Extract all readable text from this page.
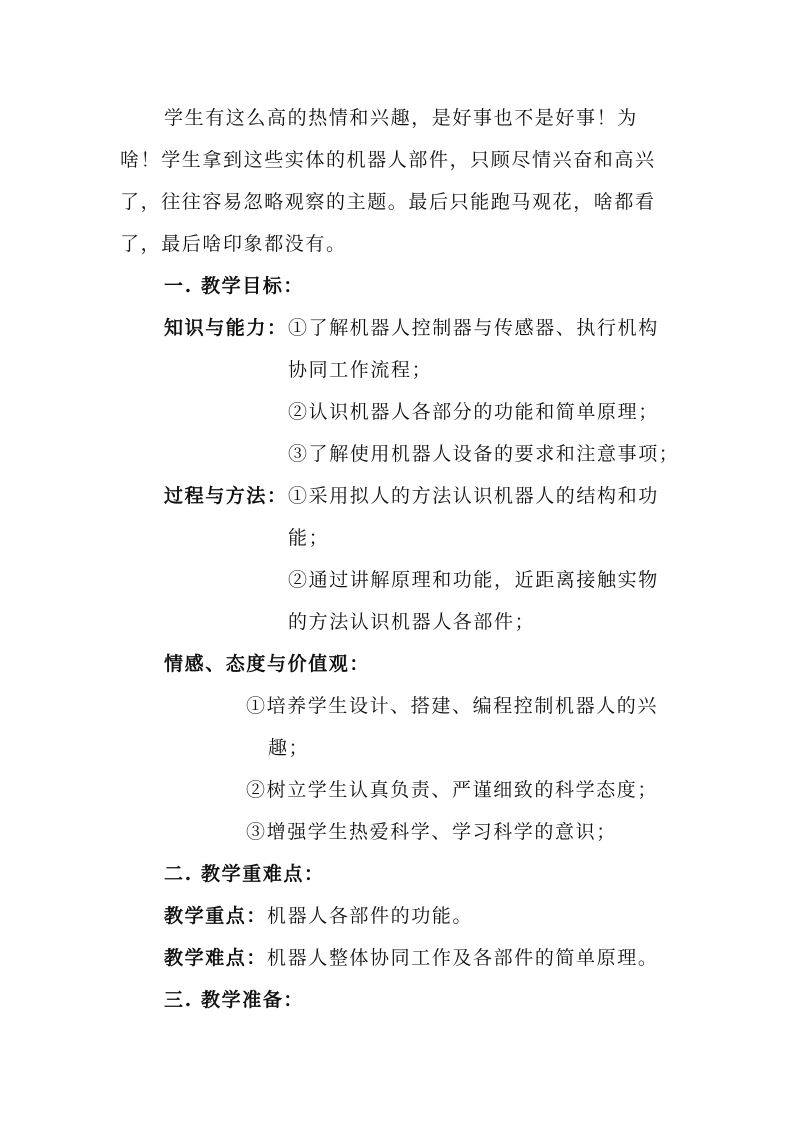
学生有这么高的热情和兴趣，是好事也不是好事！为
啥！学生拿到这些实体的机器人部件，只顾尽情兴奋和高兴
了，往往容易忽略观察的主题。最后只能跑马观花，啥都看
了，最后啥印象都没有。
一. 教学目标：
知识与能力： ①了解机器人控制器与传感器、执行机构
协同工作流程；
②认识机器人各部分的功能和简单原理；
③了解使用机器人设备的要求和注意事项；
过程与方法： ①采用拟人的方法认识机器人的结构和功
能；
②通过讲解原理和功能，近距离接触实物
的方法认识机器人各部件；
情感、态度与价值观：
①培养学生设计、搭建、编程控制机器人的兴
趣；
②树立学生认真负责、严谨细致的科学态度；
③增强学生热爱科学、学习科学的意识；
二. 教学重难点：
教学重点：机器人各部件的功能。
教学难点：机器人整体协同工作及各部件的简单原理。
三. 教学准备：
